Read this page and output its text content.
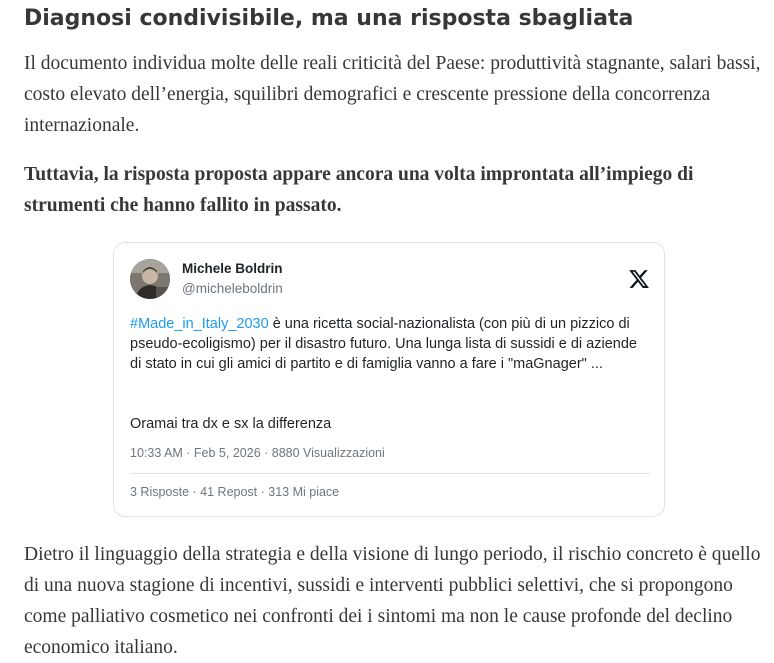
Diagnosi condivisibile, ma una risposta sbagliata

Il documento individua molte delle reali criticità del Paese: produttività stagnante, salari bassi, costo elevato dell’energia, squilibri demografici e crescente pressione della concorrenza internazionale.

Tuttavia, la risposta proposta appare ancora una volta improntata all’impiego di strumenti che hanno fallito in passato.

Michele Boldrin
@micheleboldrin

#Made_in_Italy_2030 è una ricetta social-nazionalista (con più di un pizzico di pseudo-ecoligismo) per il disastro futuro. Una lunga lista di sussidi e di aziende di stato in cui gli amici di partito e di famiglia vanno a fare i "maGnager" ...

Oramai tra dx e sx la differenza

10:33 AM · Feb 5, 2026 · 8880 Visualizzazioni
3 Risposte · 41 Repost · 313 Mi piace

Dietro il linguaggio della strategia e della visione di lungo periodo, il rischio concreto è quello di una nuova stagione di incentivi, sussidi e interventi pubblici selettivi, che si propongono come palliativo cosmetico nei confronti dei i sintomi ma non le cause profonde del declino economico italiano.
